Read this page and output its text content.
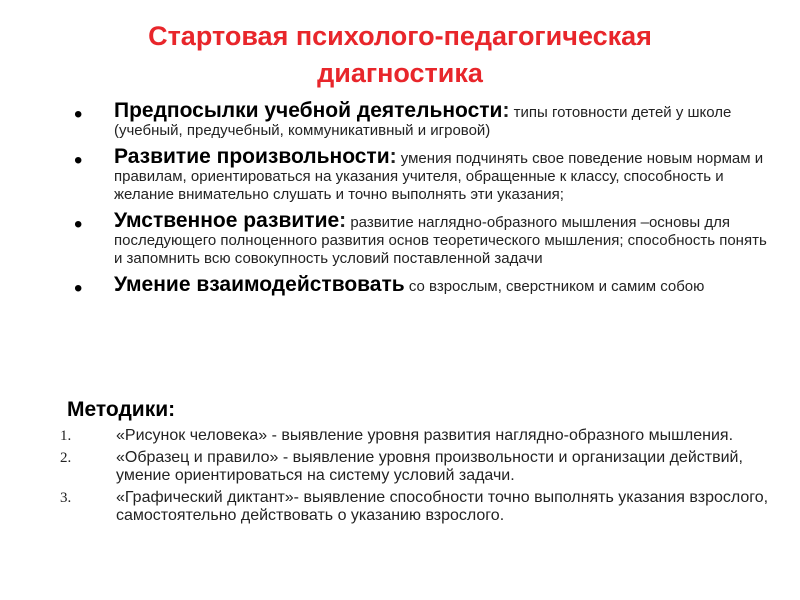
Стартовая психолого-педагогическая
диагностика
• Предпосылки учебной деятельности: типы готовности детей у школе (учебный, предучебный, коммуникативный и игровой)
• Развитие произвольности: умения подчинять свое поведение новым нормам и правилам, ориентироваться на указания учителя, обращенные к классу, способность и желание внимательно слушать и точно выполнять эти указания;
• Умственное развитие: развитие наглядно-образного мышления –основы для последующего полноценного развития основ теоретического мышления; способность понять и запомнить всю совокупность условий поставленной задачи
• Умение взаимодействовать со взрослым, сверстником и самим собою
Методики:
1.	«Рисунок человека» - выявление уровня развития наглядно-образного мышления.
2.	«Образец и правило» - выявление уровня произвольности и организации действий, умение ориентироваться на систему условий задачи.
3.	«Графический диктант»- выявление способности точно выполнять указания взрослого, самостоятельно действовать о указанию взрослого.
